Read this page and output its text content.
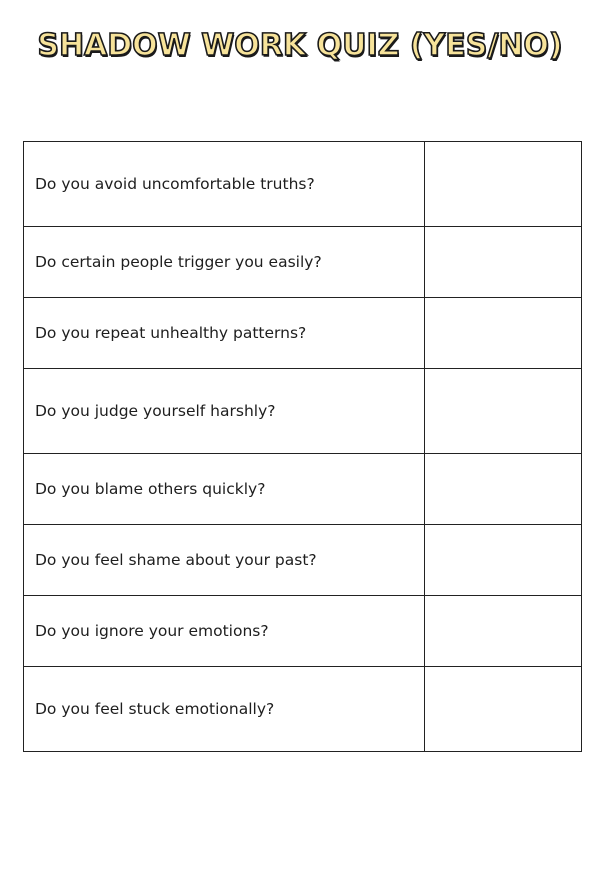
SHADOW WORK QUIZ (YES/NO)
Do you avoid uncomfortable truths?	
Do certain people trigger you easily?	
Do you repeat unhealthy patterns?	
Do you judge yourself harshly?	
Do you blame others quickly?	
Do you feel shame about your past?	
Do you ignore your emotions?	
Do you feel stuck emotionally?	
